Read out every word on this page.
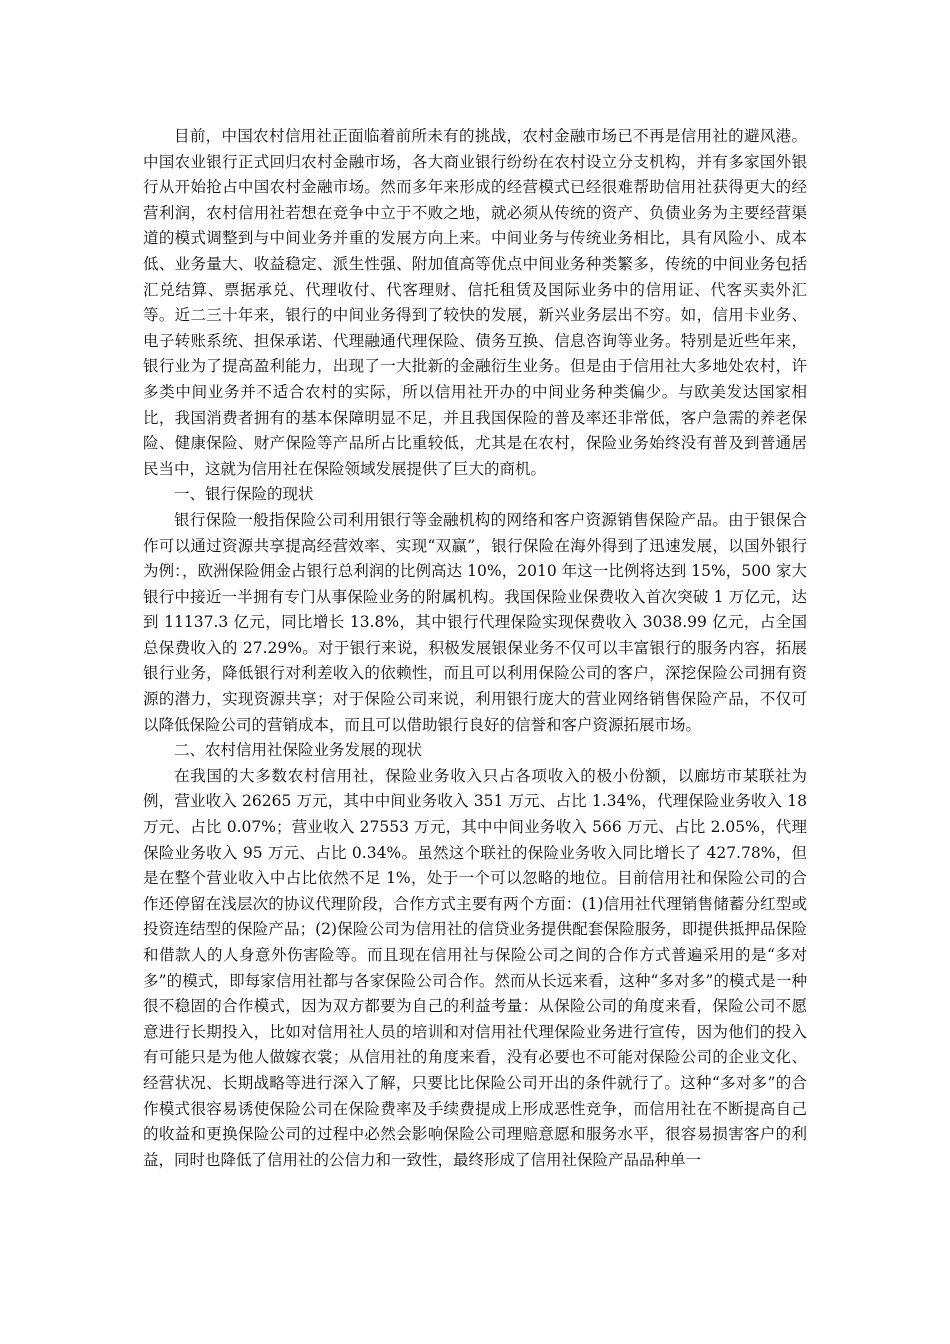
目前，中国农村信用社正面临着前所未有的挑战，农村金融市场已不再是信用社的避风港。中国农业银行正式回归农村金融市场，各大商业银行纷纷在农村设立分支机构，并有多家国外银行从开始抢占中国农村金融市场。然而多年来形成的经营模式已经很难帮助信用社获得更大的经营利润，农村信用社若想在竞争中立于不败之地，就必须从传统的资产、负债业务为主要经营渠道的模式调整到与中间业务并重的发展方向上来。中间业务与传统业务相比，具有风险小、成本低、业务量大、收益稳定、派生性强、附加值高等优点中间业务种类繁多，传统的中间业务包括汇兑结算、票据承兑、代理收付、代客理财、信托租赁及国际业务中的信用证、代客买卖外汇等。近二三十年来，银行的中间业务得到了较快的发展，新兴业务层出不穷。如，信用卡业务、电子转账系统、担保承诺、代理融通代理保险、债务互换、信息咨询等业务。特别是近些年来，银行业为了提高盈利能力，出现了一大批新的金融衍生业务。但是由于信用社大多地处农村，许多类中间业务并不适合农村的实际，所以信用社开办的中间业务种类偏少。与欧美发达国家相比，我国消费者拥有的基本保障明显不足，并且我国保险的普及率还非常低，客户急需的养老保险、健康保险、财产保险等产品所占比重较低，尤其是在农村，保险业务始终没有普及到普通居民当中，这就为信用社在保险领域发展提供了巨大的商机。

一、银行保险的现状

银行保险一般指保险公司利用银行等金融机构的网络和客户资源销售保险产品。由于银保合作可以通过资源共享提高经营效率、实现“双赢”，银行保险在海外得到了迅速发展，以国外银行为例：，欧洲保险佣金占银行总利润的比例高达 10%，2010 年这一比例将达到 15%，500 家大银行中接近一半拥有专门从事保险业务的附属机构。我国保险业保费收入首次突破 1 万亿元，达到 11137.3 亿元，同比增长 13.8%，其中银行代理保险实现保费收入 3038.99 亿元，占全国总保费收入的 27.29%。对于银行来说，积极发展银保业务不仅可以丰富银行的服务内容，拓展银行业务，降低银行对利差收入的依赖性，而且可以利用保险公司的客户，深挖保险公司拥有资源的潜力，实现资源共享；对于保险公司来说，利用银行庞大的营业网络销售保险产品，不仅可以降低保险公司的营销成本，而且可以借助银行良好的信誉和客户资源拓展市场。

二、农村信用社保险业务发展的现状

在我国的大多数农村信用社，保险业务收入只占各项收入的极小份额，以廊坊市某联社为例，营业收入 26265 万元，其中中间业务收入 351 万元、占比 1.34%，代理保险业务收入 18 万元、占比 0.07%；营业收入 27553 万元，其中中间业务收入 566 万元、占比 2.05%，代理保险业务收入 95 万元、占比 0.34%。虽然这个联社的保险业务收入同比增长了 427.78%，但是在整个营业收入中占比依然不足 1%，处于一个可以忽略的地位。目前信用社和保险公司的合作还停留在浅层次的协议代理阶段，合作方式主要有两个方面：(1)信用社代理销售储蓄分红型或投资连结型的保险产品；(2)保险公司为信用社的信贷业务提供配套保险服务，即提供抵押品保险和借款人的人身意外伤害险等。而且现在信用社与保险公司之间的合作方式普遍采用的是“多对多”的模式，即每家信用社都与各家保险公司合作。然而从长远来看，这种“多对多”的模式是一种很不稳固的合作模式，因为双方都要为自己的利益考量：从保险公司的角度来看，保险公司不愿意进行长期投入，比如对信用社人员的培训和对信用社代理保险业务进行宣传，因为他们的投入有可能只是为他人做嫁衣裳；从信用社的角度来看，没有必要也不可能对保险公司的企业文化、经营状况、长期战略等进行深入了解，只要比比保险公司开出的条件就行了。这种“多对多”的合作模式很容易诱使保险公司在保险费率及手续费提成上形成恶性竞争，而信用社在不断提高自己的收益和更换保险公司的过程中必然会影响保险公司理赔意愿和服务水平，很容易损害客户的利益，同时也降低了信用社的公信力和一致性，最终形成了信用社保险产品品种单一
